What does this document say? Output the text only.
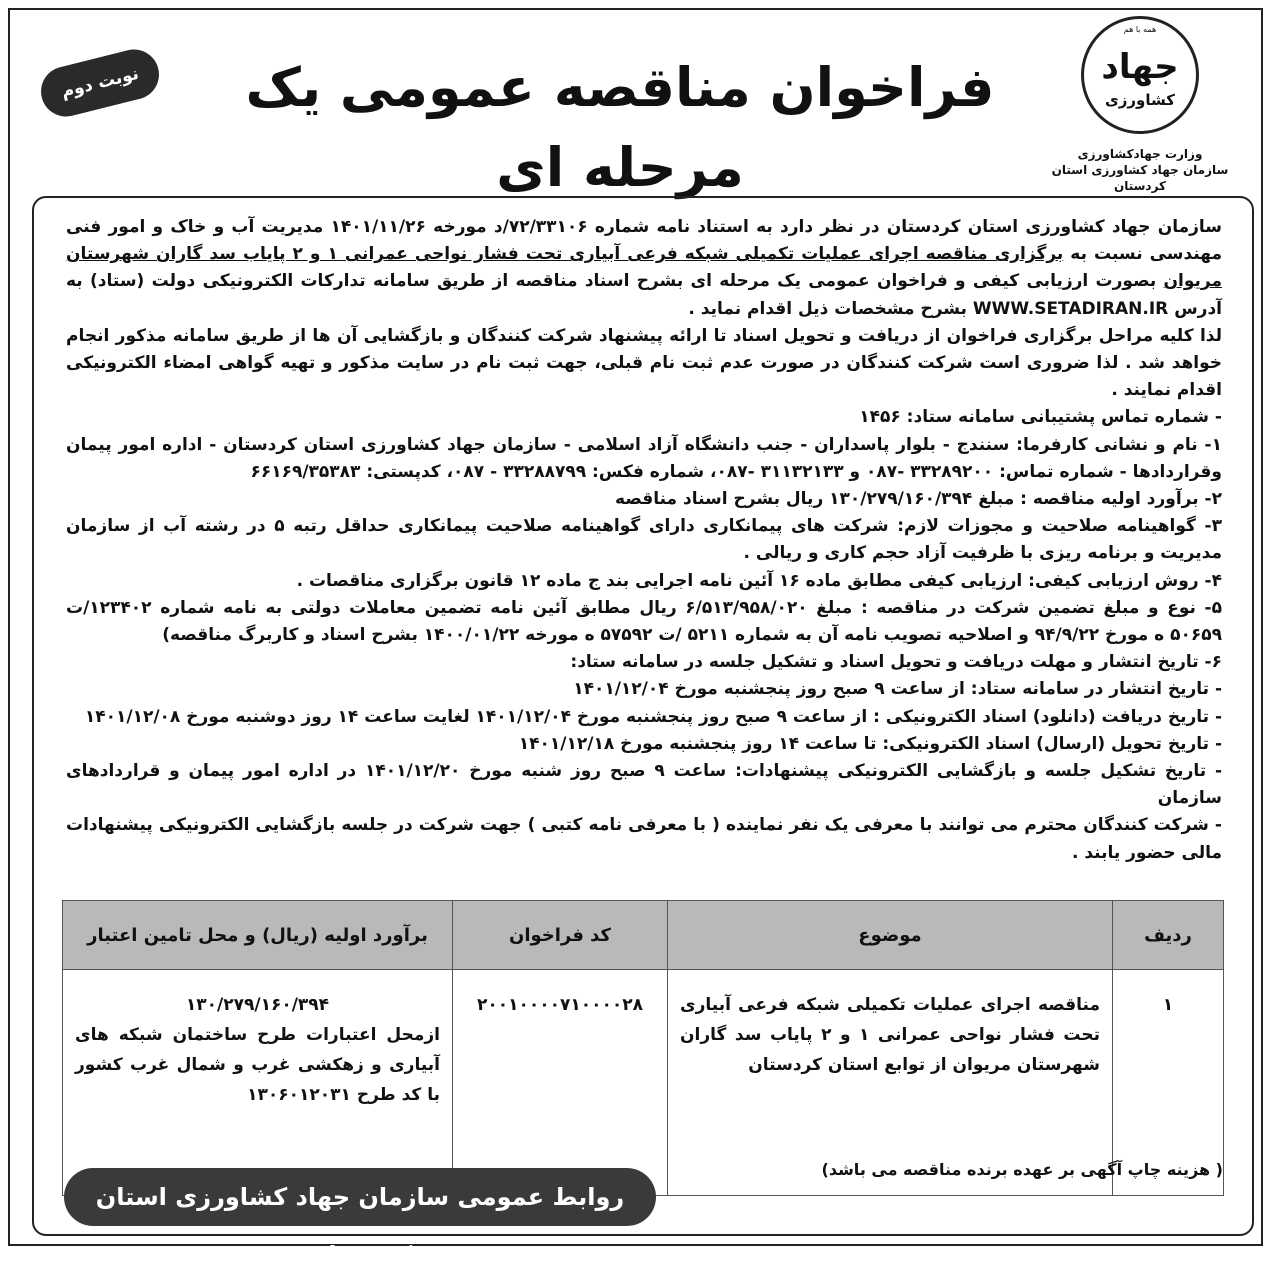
همه با هم
جهاد
کشاورزی
وزارت جهادکشاورزی
سازمان جهاد کشاورزی استان کردستان
فراخوان مناقصه عمومی یک مرحله ای
نوبت دوم

سازمان جهاد کشاورزی استان کردستان در نظر دارد به استناد نامه شماره ۷۲/۳۳۱۰۶/د مورخه ۱۴۰۱/۱۱/۲۶ مدیریت آب و خاک و امور فنی مهندسی نسبت به برگزاری مناقصه اجرای عملیات تکمیلی شبکه فرعی آبیاری تحت فشار نواحی عمرانی ۱ و ۲ پایاب سد گاران شهرستان مریوان بصورت ارزیابی کیفی و فراخوان عمومی یک مرحله ای بشرح اسناد مناقصه از طریق سامانه تدارکات الکترونیکی دولت (ستاد) به آدرس WWW.SETADIRAN.IR بشرح مشخصات ذیل اقدام نماید .

لذا کلیه مراحل برگزاری فراخوان از دریافت و تحویل اسناد تا ارائه پیشنهاد شرکت کنندگان و بازگشایی آن ها از طریق سامانه مذکور انجام خواهد شد . لذا ضروری است شرکت کنندگان در صورت عدم ثبت نام قبلی، جهت ثبت نام در سایت مذکور و تهیه گواهی امضاء الکترونیکی اقدام نمایند .

- شماره تماس پشتیبانی سامانه ستاد: ۱۴۵۶

۱- نام و نشانی کارفرما: سنندج - بلوار پاسداران - جنب دانشگاه آزاد اسلامی - سازمان جهاد کشاورزی استان کردستان - اداره امور پیمان وقراردادها - شماره تماس: ۳۳۲۸۹۲۰۰ -۰۸۷ و ۳۱۱۳۲۱۳۳ -۰۸۷، شماره فکس: ۳۳۲۸۸۷۹۹ - ۰۸۷، کدپستی: ۶۶۱۶۹/۳۵۳۸۳

۲- برآورد اولیه مناقصه : مبلغ ۱۳۰/۲۷۹/۱۶۰/۳۹۴ ریال بشرح اسناد مناقصه

۳- گواهینامه صلاحیت و مجوزات لازم: شرکت های پیمانکاری دارای گواهینامه صلاحیت پیمانکاری حداقل رتبه ۵ در رشته آب از سازمان مدیریت و برنامه ریزی با ظرفیت آزاد حجم کاری و ریالی .

۴- روش ارزیابی کیفی: ارزیابی کیفی مطابق ماده ۱۶ آئین نامه اجرایی بند ج ماده ۱۲ قانون برگزاری مناقصات .

۵- نوع و مبلغ تضمین شرکت در مناقصه : مبلغ ۶/۵۱۳/۹۵۸/۰۲۰ ریال مطابق آئین نامه تضمین معاملات دولتی به نامه شماره ۱۲۳۴۰۲/ت ۵۰۶۵۹ ه مورخ ۹۴/۹/۲۲ و اصلاحیه تصویب نامه آن به شماره ۵۲۱۱ /ت ۵۷۵۹۲ ه مورخه ۱۴۰۰/۰۱/۲۲ بشرح اسناد و کاربرگ مناقصه)

۶- تاریخ انتشار و مهلت دریافت و تحویل اسناد و تشکیل جلسه در سامانه ستاد:

- تاریخ انتشار در سامانه ستاد: از ساعت ۹ صبح روز پنجشنبه مورخ ۱۴۰۱/۱۲/۰۴

- تاریخ دریافت (دانلود) اسناد الکترونیکی : از ساعت ۹ صبح روز پنجشنبه مورخ ۱۴۰۱/۱۲/۰۴ لغایت ساعت ۱۴ روز دوشنبه مورخ ۱۴۰۱/۱۲/۰۸

- تاریخ تحویل (ارسال) اسناد الکترونیکی: تا ساعت ۱۴ روز پنجشنبه مورخ ۱۴۰۱/۱۲/۱۸

- تاریخ تشکیل جلسه و بازگشایی الکترونیکی پیشنهادات: ساعت ۹ صبح روز شنبه مورخ ۱۴۰۱/۱۲/۲۰ در اداره امور پیمان و قراردادهای سازمان

- شرکت کنندگان محترم می توانند با معرفی یک نفر نماینده ( با معرفی نامه کتبی ) جهت شرکت در جلسه بازگشایی الکترونیکی پیشنهادات مالی حضور یابند .

ردیف	موضوع	کد فراخوان	برآورد اولیه (ریال) و محل تامین اعتبار
۱	مناقصه اجرای عملیات تکمیلی شبکه فرعی آبیاری تحت فشار نواحی عمرانی ۱ و ۲ پایاب سد گاران شهرستان مریوان از توابع استان کردستان	۲۰۰۱۰۰۰۰۷۱۰۰۰۰۲۸	۱۳۰/۲۷۹/۱۶۰/۳۹۴
ازمحل اعتبارات طرح ساختمان شبکه های آبیاری و زهکشی غرب و شمال غرب کشور با کد طرح ۱۳۰۶۰۱۲۰۳۱
( هزینه چاپ آگهی بر عهده برنده مناقصه می باشد)
روابط عمومی سازمان جهاد کشاورزی استان کردستان
